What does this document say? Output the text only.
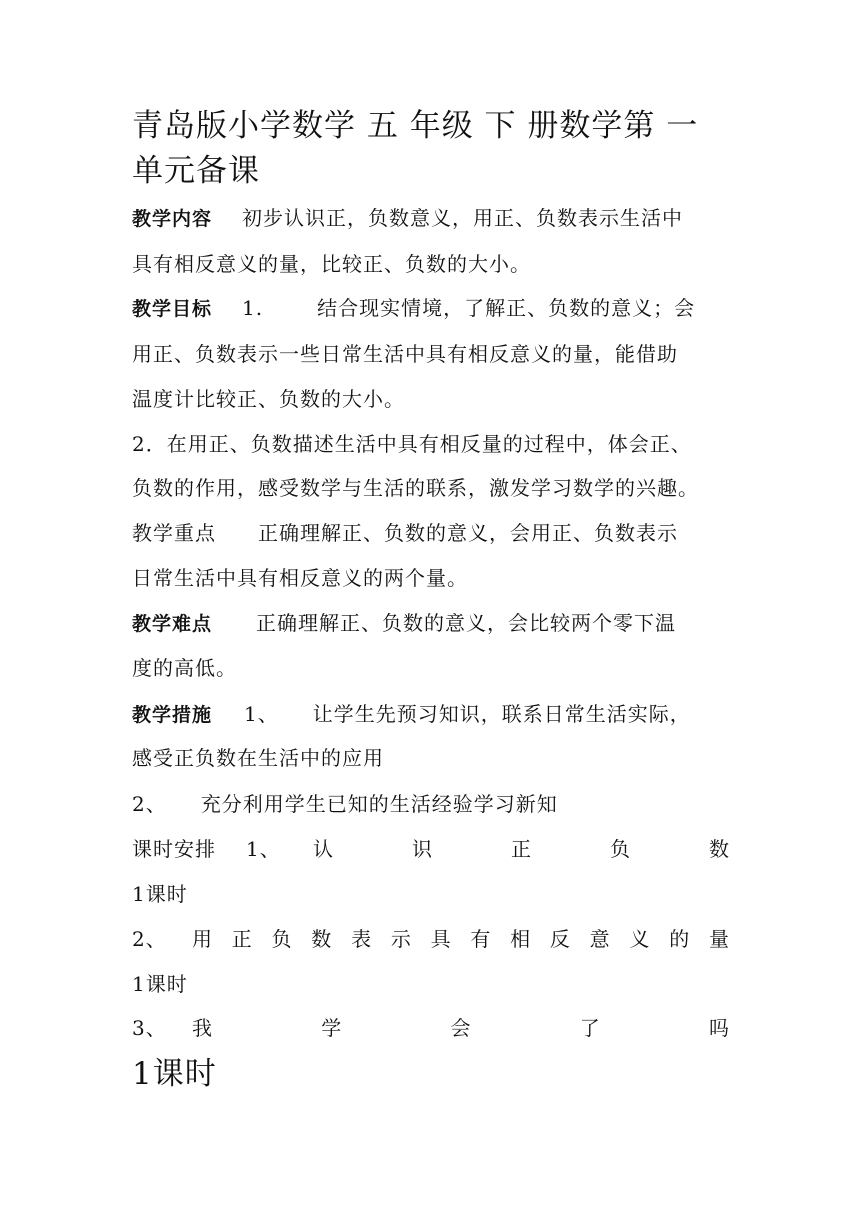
青岛版小学数学 五 年级 下 册数学第 一
单元备课
教学内容 初步认识正，负数意义，用正、负数表示生活中
具有相反意义的量，比较正、负数的大小。
教学目标 1.	结合现实情境，了解正、负数的意义；会
用正、负数表示一些日常生活中具有相反意义的量，能借助
温度计比较正、负数的大小。
2．在用正、负数描述生活中具有相反量的过程中，体会正、
负数的作用，感受数学与生活的联系，激发学习数学的兴趣。
教学重点 正确理解正、负数的意义，会用正、负数表示
日常生活中具有相反意义的两个量。
教学难点 正确理解正、负数的意义，会比较两个零下温
度的高低。
教学措施 1、 让学生先预习知识，联系日常生活实际，
感受正负数在生活中的应用
2、 充分利用学生已知的生活经验学习新知
课时安排 1、 认	识	正	负	数
1课时
2、 用 正 负 数 表 示 具 有 相 反 意 义 的 量
1课时
3、 我	学	会	了	吗
1课时
